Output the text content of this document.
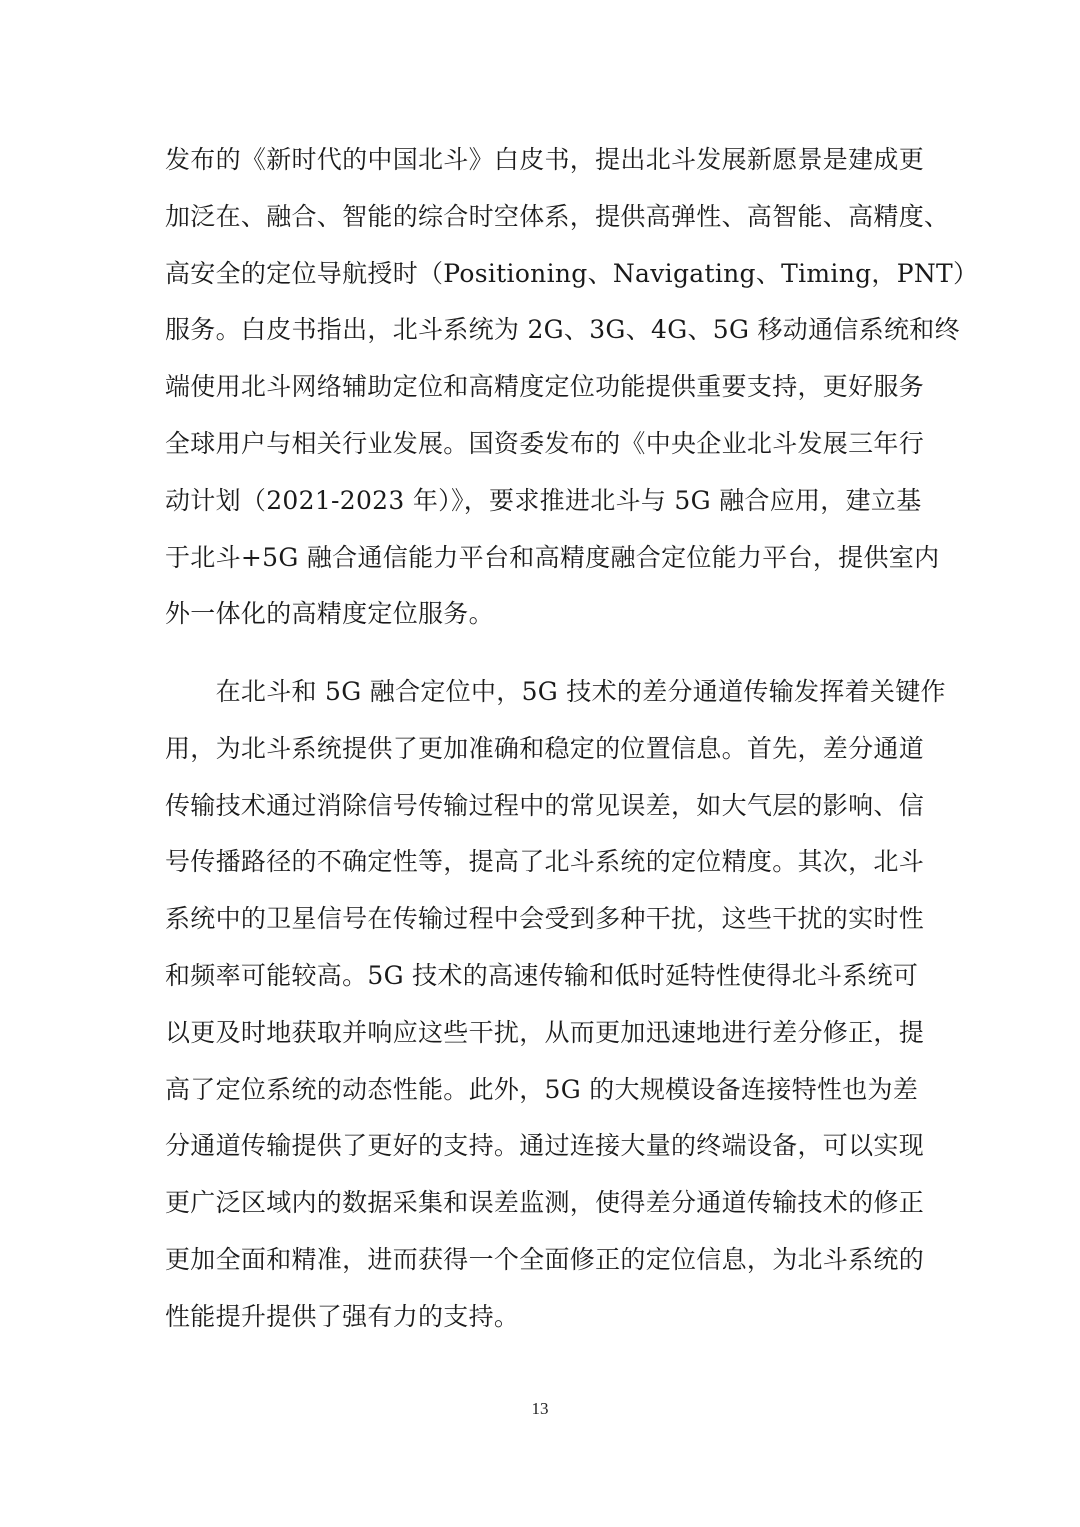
发布的《新时代的中国北斗》白皮书，提出北斗发展新愿景是建成更
加泛在、融合、智能的综合时空体系，提供高弹性、高智能、高精度、
高安全的定位导航授时（Positioning、Navigating、Timing，PNT）
服务。白皮书指出，北斗系统为 2G、3G、4G、5G 移动通信系统和终
端使用北斗网络辅助定位和高精度定位功能提供重要支持，更好服务
全球用户与相关行业发展。国资委发布的《中央企业北斗发展三年行
动计划（2021-2023 年）》，要求推进北斗与 5G 融合应用，建立基
于北斗+5G 融合通信能力平台和高精度融合定位能力平台，提供室内
外一体化的高精度定位服务。
　　在北斗和 5G 融合定位中，5G 技术的差分通道传输发挥着关键作
用，为北斗系统提供了更加准确和稳定的位置信息。首先，差分通道
传输技术通过消除信号传输过程中的常见误差，如大气层的影响、信
号传播路径的不确定性等，提高了北斗系统的定位精度。其次，北斗
系统中的卫星信号在传输过程中会受到多种干扰，这些干扰的实时性
和频率可能较高。5G 技术的高速传输和低时延特性使得北斗系统可
以更及时地获取并响应这些干扰，从而更加迅速地进行差分修正，提
高了定位系统的动态性能。此外，5G 的大规模设备连接特性也为差
分通道传输提供了更好的支持。通过连接大量的终端设备，可以实现
更广泛区域内的数据采集和误差监测，使得差分通道传输技术的修正
更加全面和精准，进而获得一个全面修正的定位信息，为北斗系统的
性能提升提供了强有力的支持。
13
